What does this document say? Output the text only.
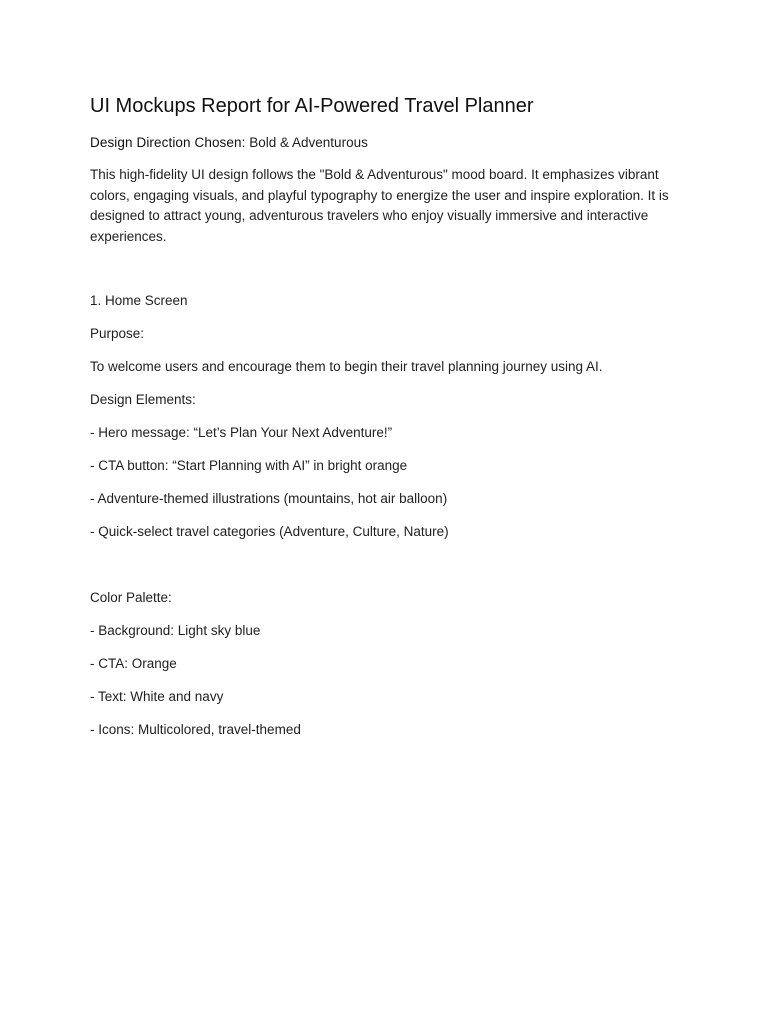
UI Mockups Report for AI-Powered Travel Planner

Design Direction Chosen: Bold & Adventurous

This high-fidelity UI design follows the "Bold & Adventurous" mood board. It emphasizes vibrant colors, engaging visuals, and playful typography to energize the user and inspire exploration. It is designed to attract young, adventurous travelers who enjoy visually immersive and interactive experiences.

1. Home Screen

Purpose:

To welcome users and encourage them to begin their travel planning journey using AI.

Design Elements:

- Hero message: “Let’s Plan Your Next Adventure!”

- CTA button: “Start Planning with AI” in bright orange

- Adventure-themed illustrations (mountains, hot air balloon)

- Quick-select travel categories (Adventure, Culture, Nature)

Color Palette:

- Background: Light sky blue

- CTA: Orange

- Text: White and navy

- Icons: Multicolored, travel-themed
